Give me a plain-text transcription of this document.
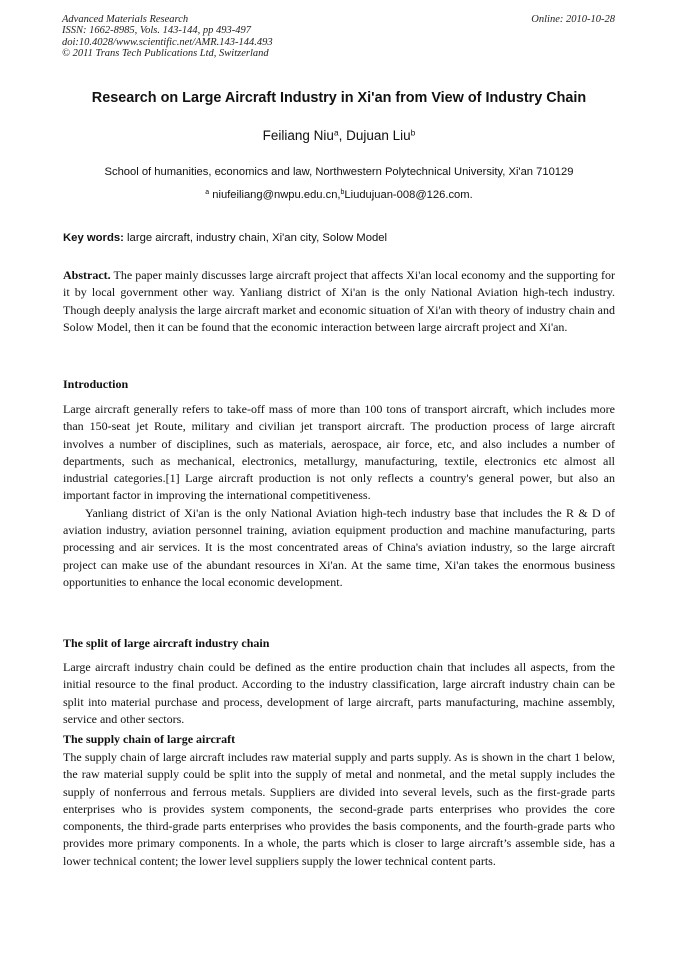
Advanced Materials Research
ISSN: 1662-8985, Vols. 143-144, pp 493-497
doi:10.4028/www.scientific.net/AMR.143-144.493
© 2011 Trans Tech Publications Ltd, Switzerland
Online: 2010-10-28
Research on Large Aircraft Industry in Xi'an from View of Industry Chain
Feiliang Niu$^a$, Dujuan Liu$^b$
School of humanities, economics and law, Northwestern Polytechnical University, Xi'an 710129
$^a$ niufeiliang@nwpu.edu.cn,$^b$Liudujuan-008@126.com.
Key words: large aircraft, industry chain, Xi'an city, Solow Model

Abstract. The paper mainly discusses large aircraft project that affects Xi'an local economy and the supporting for it by local government other way. Yanliang district of Xi'an is the only National Aviation high-tech industry. Though deeply analysis the large aircraft market and economic situation of Xi'an with theory of industry chain and Solow Model, then it can be found that the economic interaction between large aircraft project and Xi'an.

Introduction

Large aircraft generally refers to take-off mass of more than 100 tons of transport aircraft, which includes more than 150-seat jet Route, military and civilian jet transport aircraft. The production process of large aircraft involves a number of disciplines, such as materials, aerospace, air force, etc, and also includes a number of departments, such as mechanical, electronics, metallurgy, manufacturing, textile, electronics etc almost all industrial categories.[1] Large aircraft production is not only reflects a country's general power, but also an important factor in improving the international competitiveness.

Yanliang district of Xi'an is the only National Aviation high-tech industry base that includes the R & D of aviation industry, aviation personnel training, aviation equipment production and machine manufacturing, parts processing and air services. It is the most concentrated areas of China's aviation industry, so the large aircraft project can make use of the abundant resources in Xi'an. At the same time, Xi'an takes the enormous business opportunities to enhance the local economic development.

The split of large aircraft industry chain

Large aircraft industry chain could be defined as the entire production chain that includes all aspects, from the initial resource to the final product. According to the industry classification, large aircraft industry chain can be split into material purchase and process, development of large aircraft, parts manufacturing, machine assembly, service and other sectors.

The supply chain of large aircraft

The supply chain of large aircraft includes raw material supply and parts supply. As is shown in the chart 1 below, the raw material supply could be split into the supply of metal and nonmetal, and the metal supply includes the supply of nonferrous and ferrous metals. Suppliers are divided into several levels, such as the first-grade parts enterprises who is provides system components, the second-grade parts enterprises who provides the core components, the third-grade parts enterprises who provides the basis components, and the fourth-grade parts who provides more primary components. In a whole, the parts which is closer to large aircraft’s assemble side, has a lower technical content; the lower level suppliers supply the lower technical content parts.
